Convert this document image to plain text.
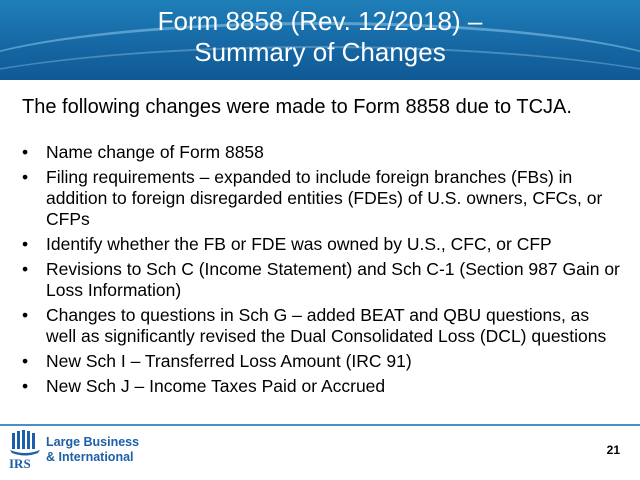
Form 8858 (Rev. 12/2018) –
Summary of Changes
The following changes were made to Form 8858 due to TCJA.
• Name change of Form 8858
• Filing requirements – expanded to include foreign branches (FBs) in addition to foreign disregarded entities (FDEs) of U.S. owners, CFCs, or CFPs
• Identify whether the FB or FDE was owned by U.S., CFC, or CFP
• Revisions to Sch C (Income Statement) and Sch C-1 (Section 987 Gain or Loss Information)
• Changes to questions in Sch G – added BEAT and QBU questions, as well as significantly revised the Dual Consolidated Loss (DCL) questions
• New Sch I – Transferred Loss Amount (IRC 91)
• New Sch J – Income Taxes Paid or Accrued
IRS
Large Business
& International	21
